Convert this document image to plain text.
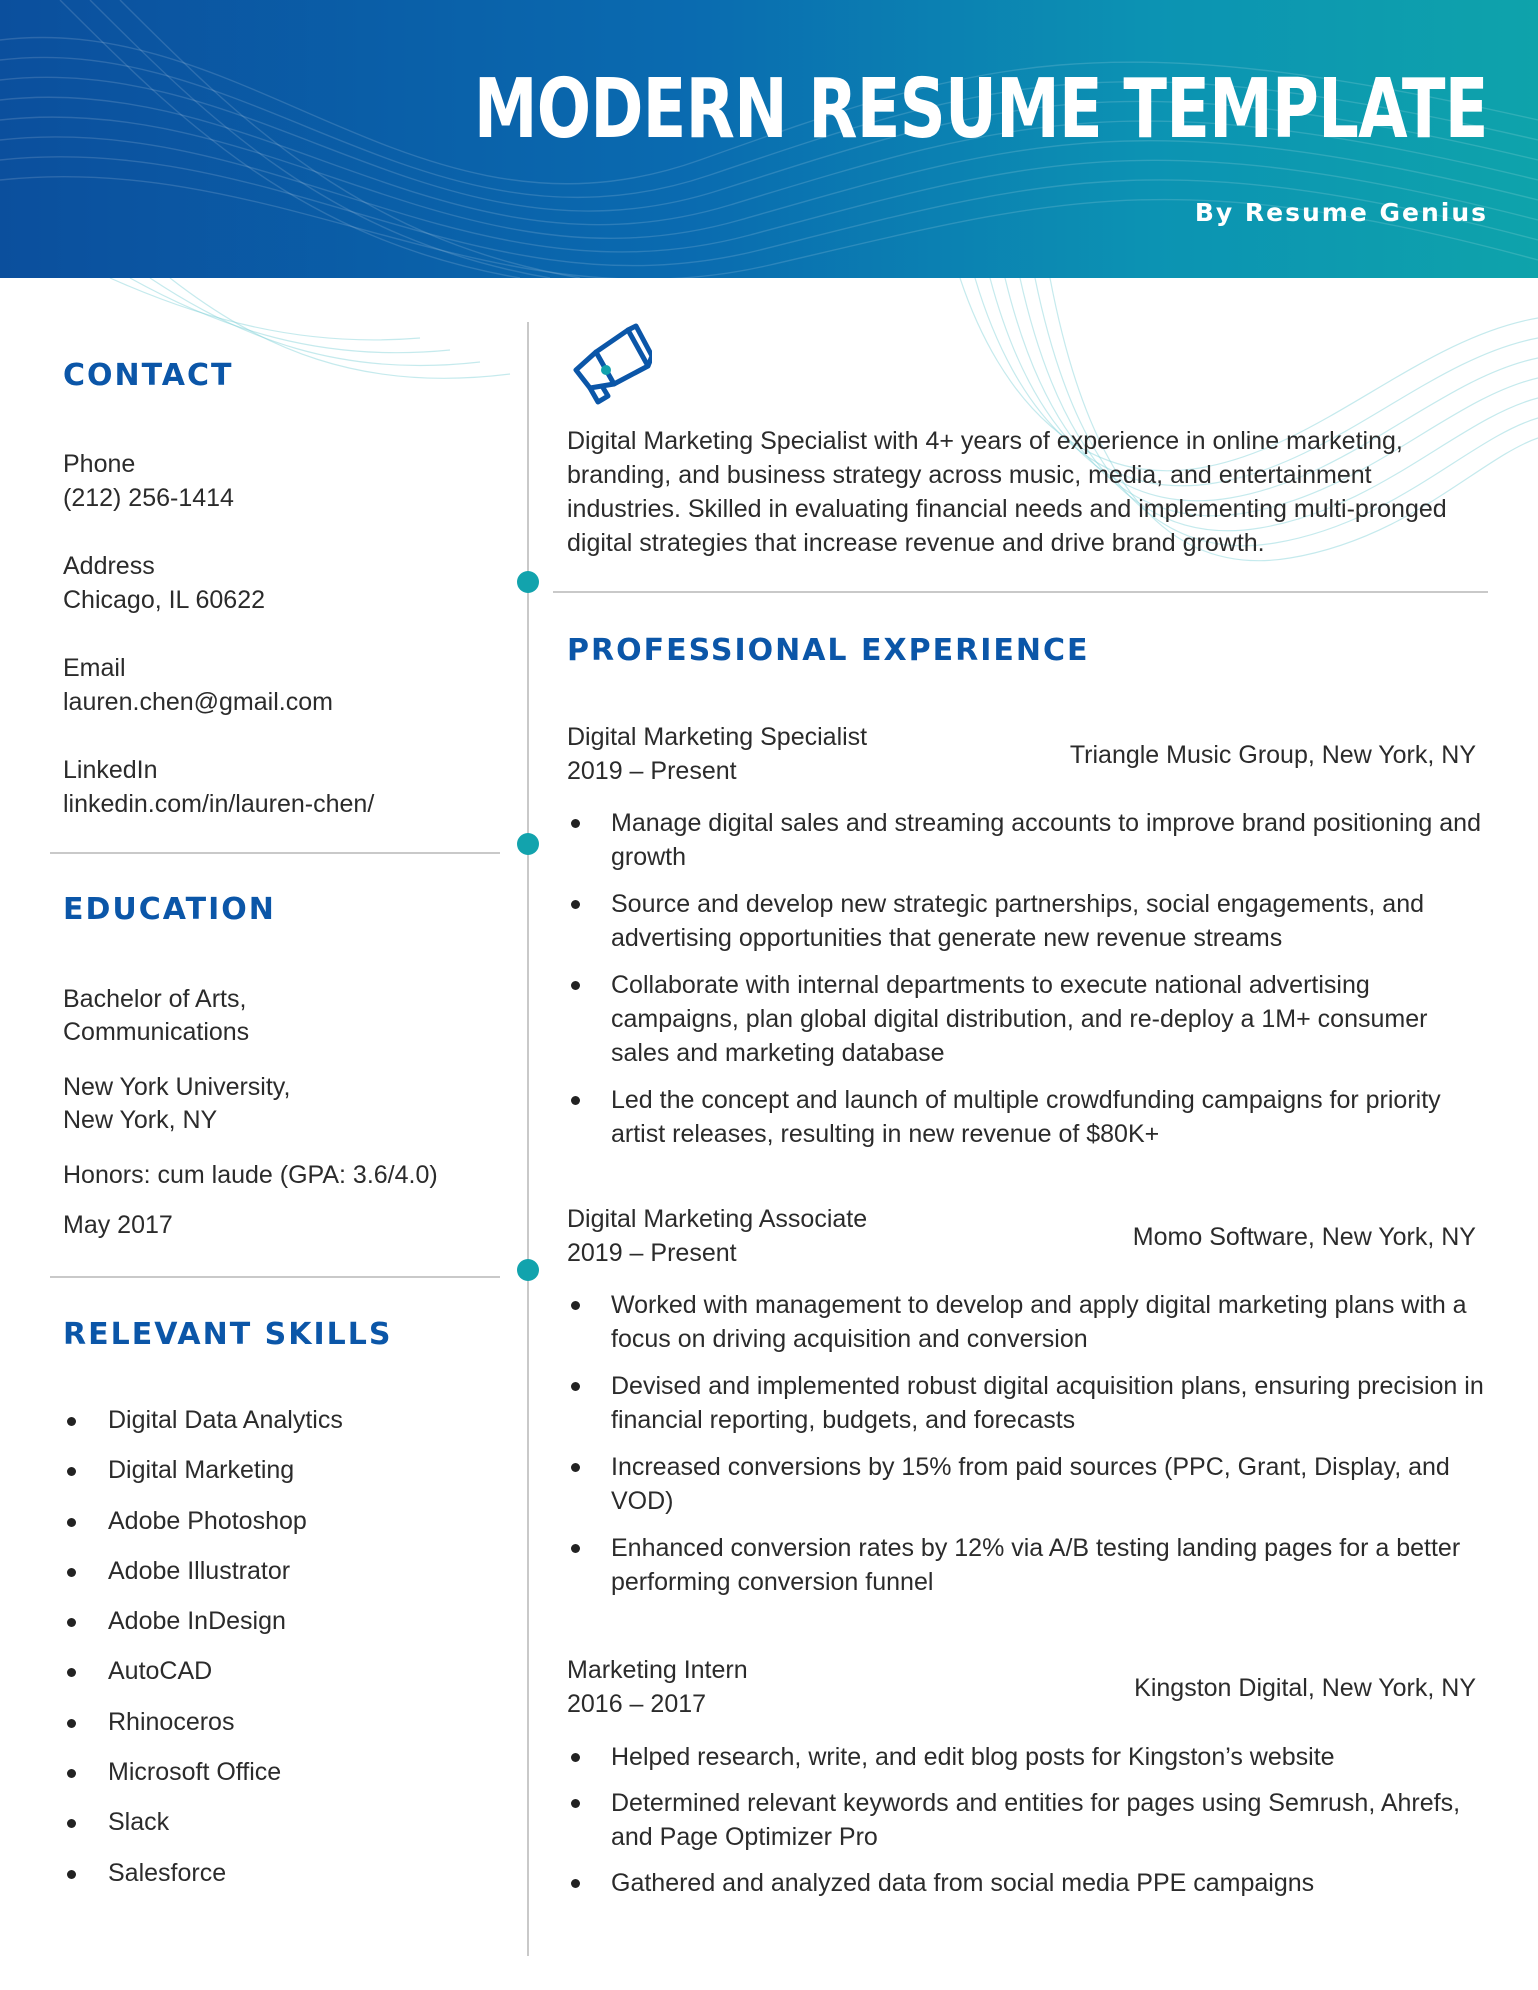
MODERN RESUME TEMPLATE
By Resume Genius
CONTACT
Phone
(212) 256-1414
Address
Chicago, IL 60622
Email
lauren.chen@gmail.com
LinkedIn
linkedin.com/in/lauren-chen/
EDUCATION
Bachelor of Arts,
Communications
New York University,
New York, NY
Honors: cum laude (GPA: 3.6/4.0)
May 2017
RELEVANT SKILLS
Digital Data Analytics
Digital Marketing
Adobe Photoshop
Adobe Illustrator
Adobe InDesign
AutoCAD
Rhinoceros
Microsoft Office
Slack
Salesforce
Digital Marketing Specialist with 4+ years of experience in online marketing, branding, and business strategy across music, media, and entertainment industries. Skilled in evaluating financial needs and implementing multi-pronged digital strategies that increase revenue and drive brand growth.
PROFESSIONAL EXPERIENCE
Digital Marketing Specialist
2019 – Present
Triangle Music Group, New York, NY
Manage digital sales and streaming accounts to improve brand positioning and growth
Source and develop new strategic partnerships, social engagements, and advertising opportunities that generate new revenue streams
Collaborate with internal departments to execute national advertising campaigns, plan global digital distribution, and re-deploy a 1M+ consumer sales and marketing database
Led the concept and launch of multiple crowdfunding campaigns for priority artist releases, resulting in new revenue of $80K+
Digital Marketing Associate
2019 – Present
Momo Software, New York, NY
Worked with management to develop and apply digital marketing plans with a focus on driving acquisition and conversion
Devised and implemented robust digital acquisition plans, ensuring precision in financial reporting, budgets, and forecasts
Increased conversions by 15% from paid sources (PPC, Grant, Display, and VOD)
Enhanced conversion rates by 12% via A/B testing landing pages for a better performing conversion funnel
Marketing Intern
2016 – 2017
Kingston Digital, New York, NY
Helped research, write, and edit blog posts for Kingston’s website
Determined relevant keywords and entities for pages using Semrush, Ahrefs, and Page Optimizer Pro
Gathered and analyzed data from social media PPE campaigns
